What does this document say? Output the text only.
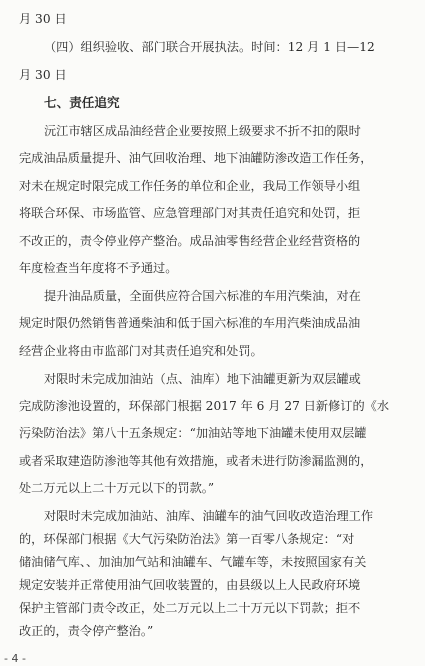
月 30 日
（四）组织验收、部门联合开展执法。时间：12 月 1 日—12
月 30 日
七、责任追究
沅江市辖区成品油经营企业要按照上级要求不折不扣的限时
完成油品质量提升、油气回收治理、地下油罐防渗改造工作任务，
对未在规定时限完成工作任务的单位和企业，我局工作领导小组
将联合环保、市场监管、应急管理部门对其责任追究和处罚，拒
不改正的，责令停业停产整治。成品油零售经营企业经营资格的
年度检查当年度将不予通过。
提升油品质量，全面供应符合国六标准的车用汽柴油，对在
规定时限仍然销售普通柴油和低于国六标准的车用汽柴油成品油
经营企业将由市监部门对其责任追究和处罚。
对限时未完成加油站（点、油库）地下油罐更新为双层罐或
完成防渗池设置的，环保部门根据 2017 年 6 月 27 日新修订的《水
污染防治法》第八十五条规定：“加油站等地下油罐未使用双层罐
或者采取建造防渗池等其他有效措施，或者未进行防渗漏监测的，
处二万元以上二十万元以下的罚款。”
对限时未完成加油站、油库、油罐车的油气回收改造治理工作
的，环保部门根据《大气污染防治法》第一百零八条规定：“对
储油储气库、、加油加气站和油罐车、气罐车等，未按照国家有关
规定安装并正常使用油气回收装置的，由县级以上人民政府环境
保护主管部门责令改正，处二万元以上二十万元以下罚款；拒不
- 4 -
改正的，责令停产整治。”
